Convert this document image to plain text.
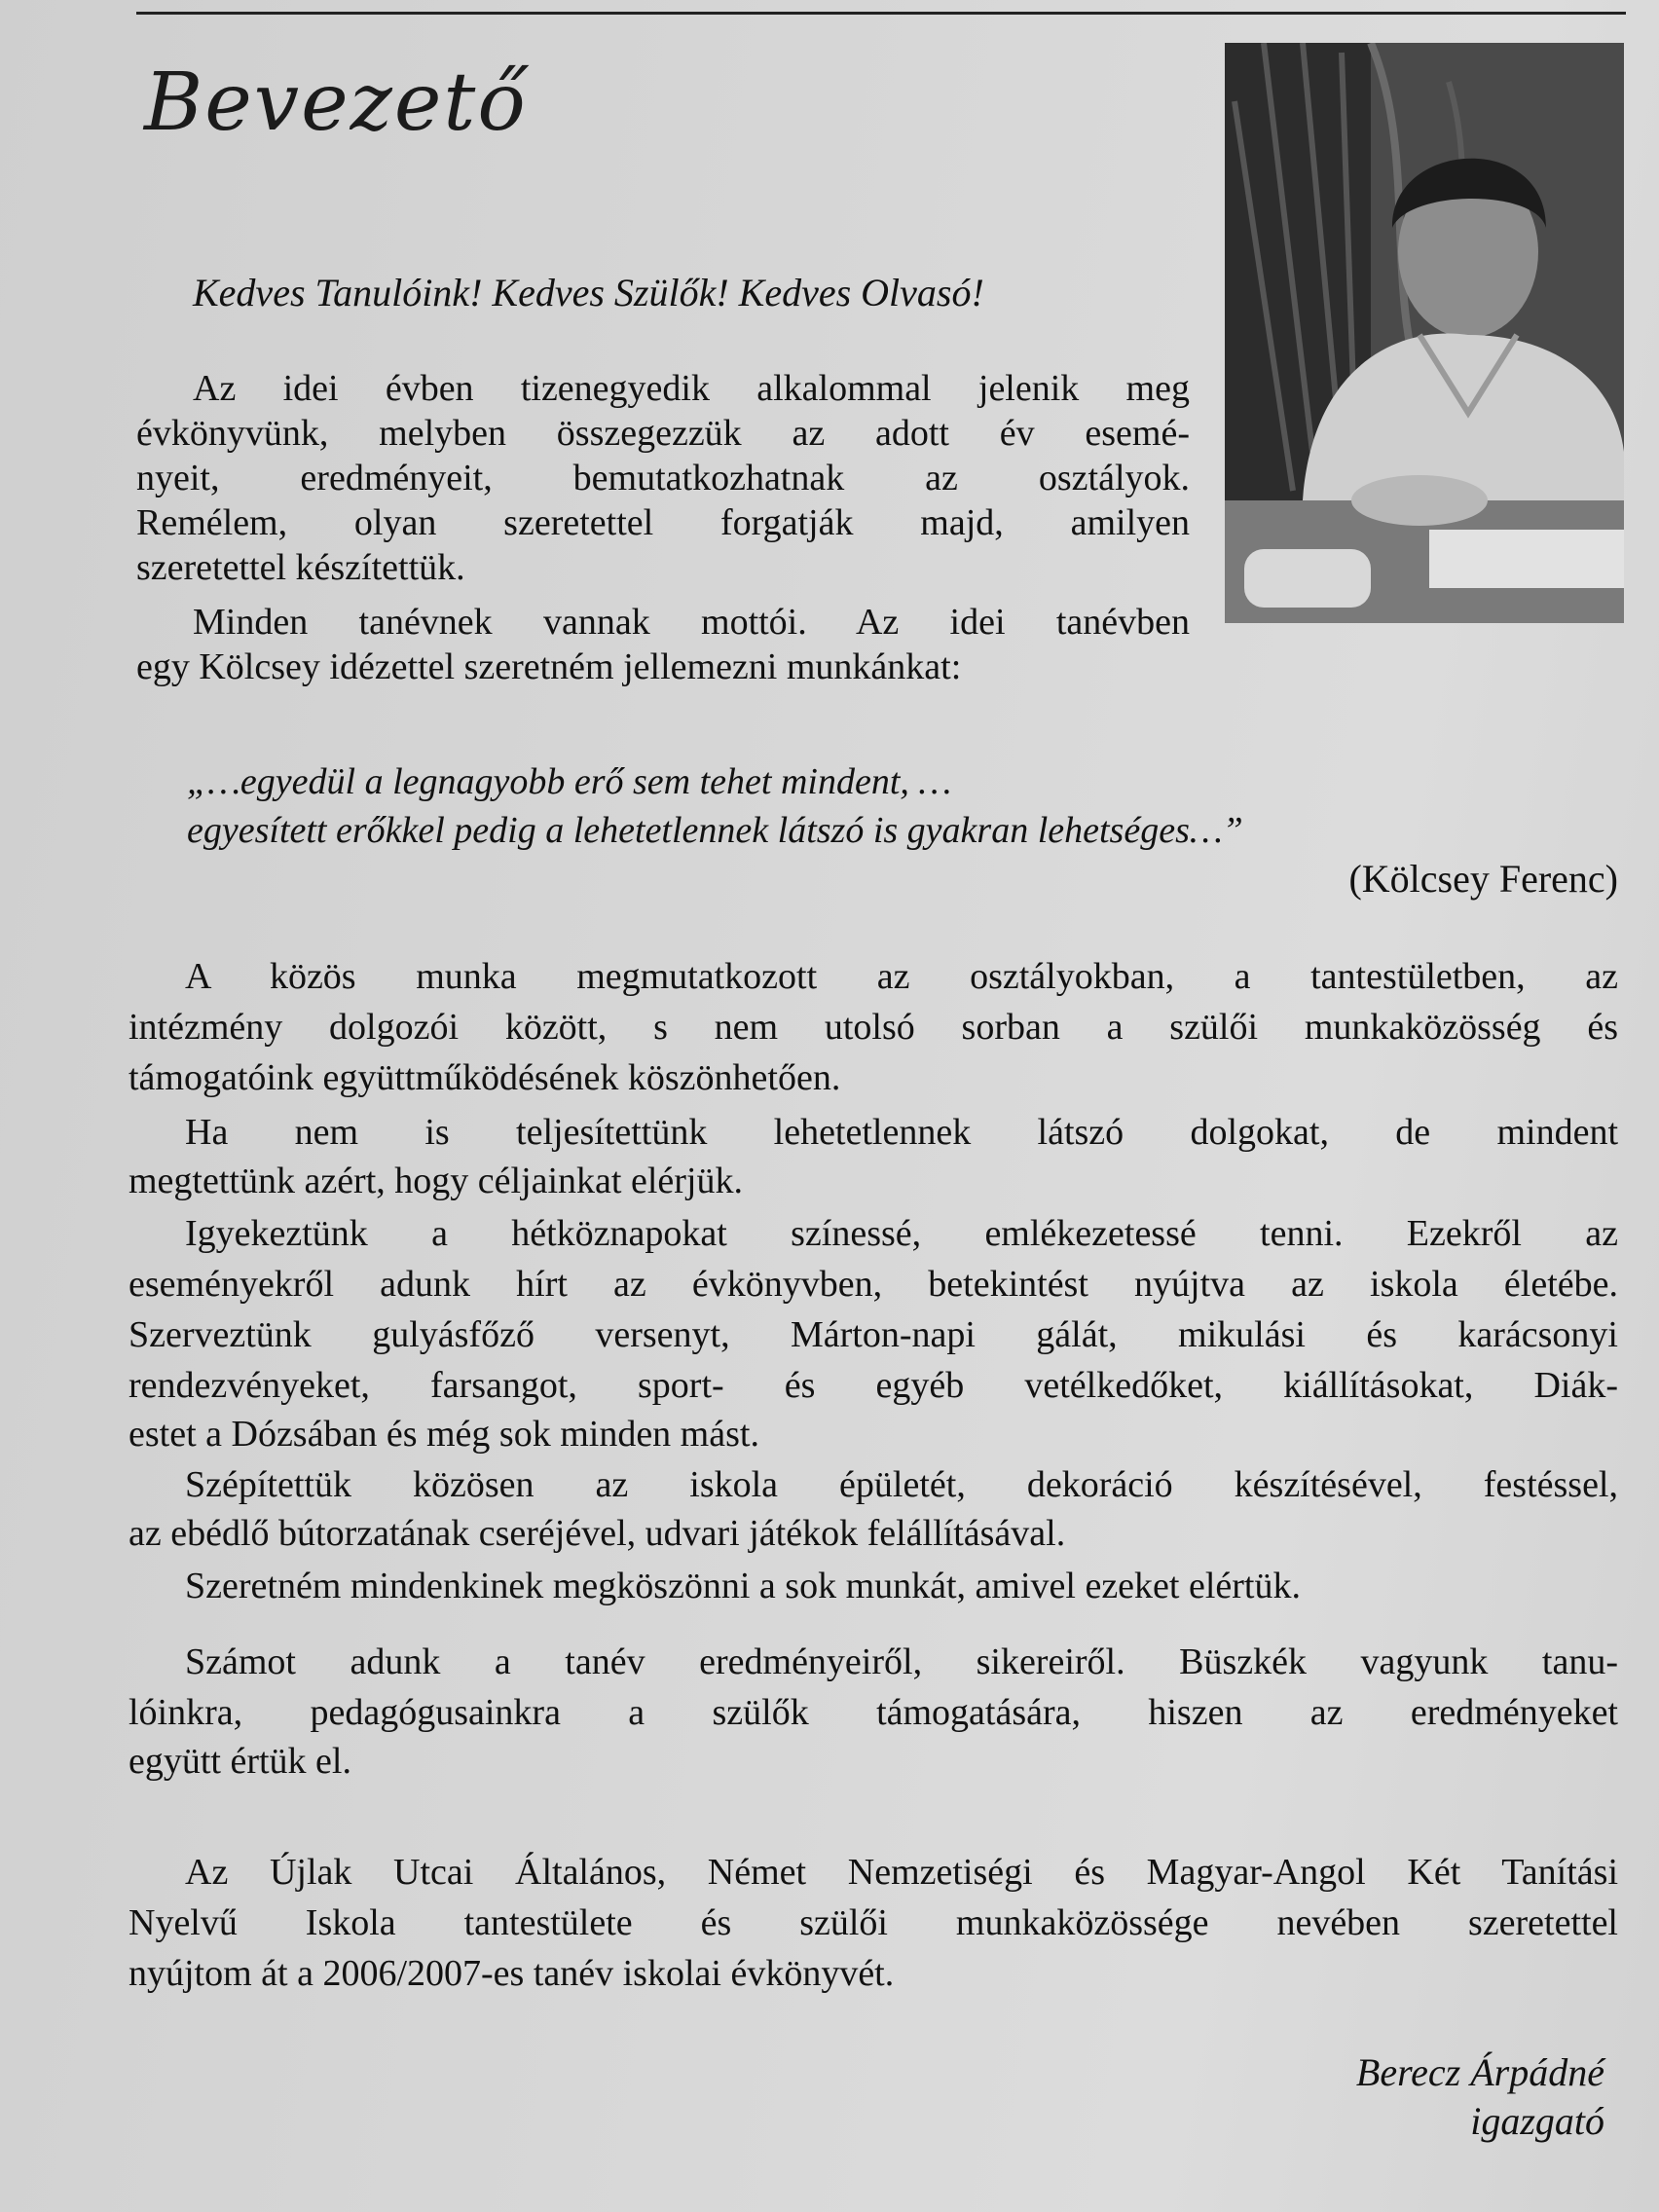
Bevezető
Kedves Tanulóink! Kedves Szülők! Kedves Olvasó!
Az idei évben tizenegyedik alkalommal jelenik meg
évkönyvünk, melyben összegezzük az adott év esemé-
nyeit, eredményeit, bemutatkozhatnak az osztályok.
Remélem, olyan szeretettel forgatják majd, amilyen
szeretettel készítettük.
Minden tanévnek vannak mottói. Az idei tanévben
egy Kölcsey idézettel szeretném jellemezni munkánkat:
„…egyedül a legnagyobb erő sem tehet mindent, …
egyesített erőkkel pedig a lehetetlennek látszó is gyakran lehetséges…”
(Kölcsey Ferenc)
A közös munka megmutatkozott az osztályokban, a tantestületben, az
intézmény dolgozói között, s nem utolsó sorban a szülői munkaközösség és
támogatóink együttműködésének köszönhetően.
Ha nem is teljesítettünk lehetetlennek látszó dolgokat, de mindent
megtettünk azért, hogy céljainkat elérjük.
Igyekeztünk a hétköznapokat színessé, emlékezetessé tenni. Ezekről az
eseményekről adunk hírt az évkönyvben, betekintést nyújtva az iskola életébe.
Szerveztünk gulyásfőző versenyt, Márton-napi gálát, mikulási és karácsonyi
rendezvényeket, farsangot, sport- és egyéb vetélkedőket, kiállításokat, Diák-
estet a Dózsában és még sok minden mást.
Szépítettük közösen az iskola épületét, dekoráció készítésével, festéssel,
az ebédlő bútorzatának cseréjével, udvari játékok felállításával.
Szeretném mindenkinek megköszönni a sok munkát, amivel ezeket elértük.
Számot adunk a tanév eredményeiről, sikereiről. Büszkék vagyunk tanu-
lóinkra, pedagógusainkra a szülők támogatására, hiszen az eredményeket
együtt értük el.
Az Újlak Utcai Általános, Német Nemzetiségi és Magyar-Angol Két Tanítási
Nyelvű Iskola tantestülete és szülői munkaközössége nevében szeretettel
nyújtom át a 2006/2007-es tanév iskolai évkönyvét.
Berecz Árpádné
igazgató
